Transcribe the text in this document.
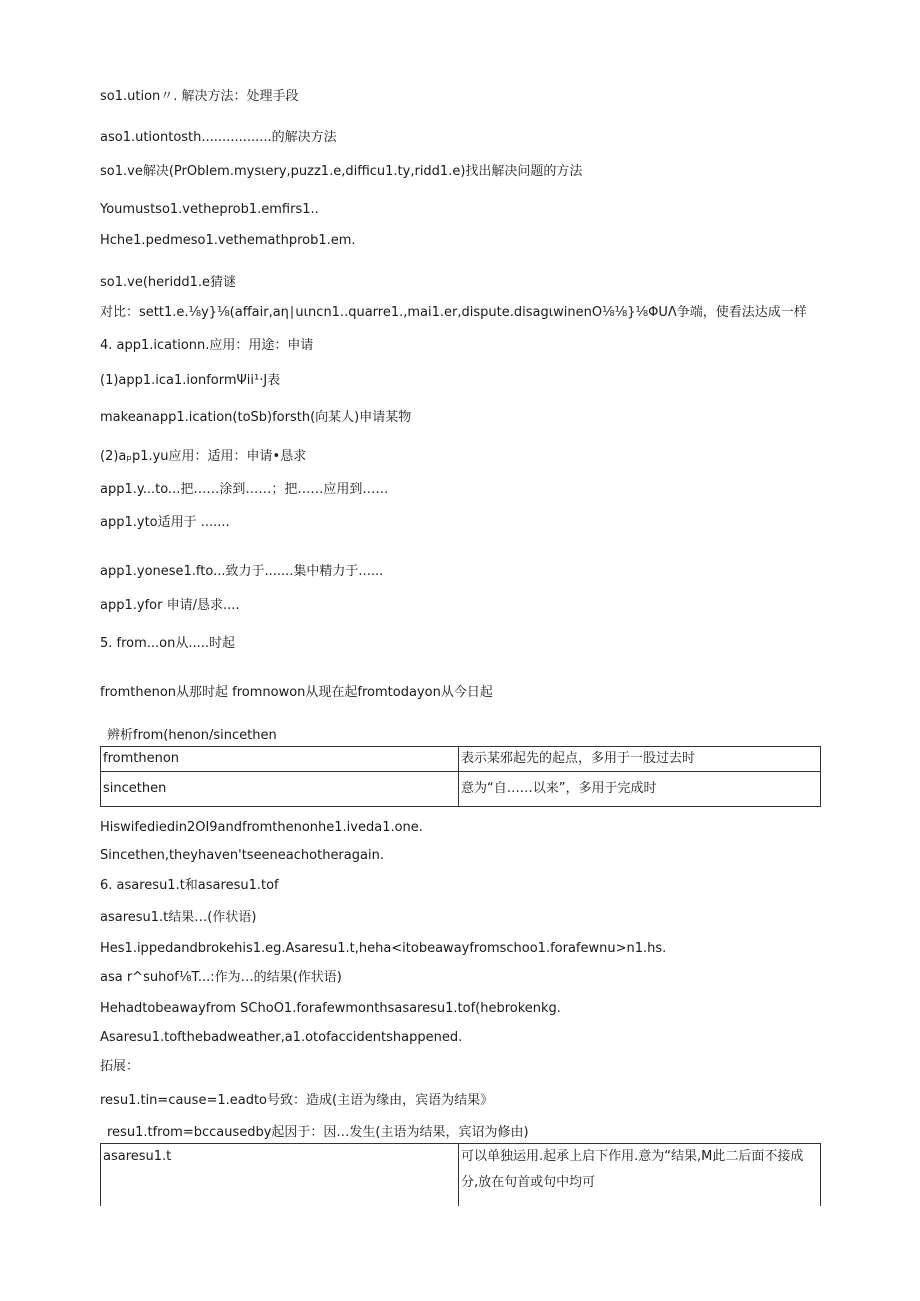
so1.ution〃. 解决方法：处理手段
aso1.utiontosth.................的解决方法
so1.ve解决(PrObIem.mysιery,puzz1.e,difficu1.ty,ridd1.e)找出解决问题的方法
Youmustso1.vetheprob1.emfirs1..
Hche1.pedmeso1.vethemathprob1.em.
so1.ve(heridd1.e猜谜
对比：sett1.e.⅛y}⅛(affair,aη∣uιncn1..quarre1.,mai1.er,dispute.disagιwinenO⅛⅛}⅛ΦUΛ争端，使看法达成一样
4. app1.icationn.应用：用途：申请
(1)app1.ica1.ionformΨii¹·J表
makeanapp1.ication(toSb)forsth(向某人)申请某物
(2)aₚp1.yu应用：适用：申请•恳求
app1.y...to...把……涂到……；把……应用到……
app1.yto适用于 .......
app1.yonese1.fto...致力于.......集中精力于......
app1.yfor 申请/恳求....
5. from...on从.....时起
fromthenon从那时起 fromnowon从现在起fromtodayon从今日起
辨析from(henon/sincethen
fromthenon	表示某邪起先的起点，多用于一股过去时
sincethen	意为“自……以来”，多用于完成时
Hiswifediedin2OI9andfromthenonhe1.iveda1.one.
Sincethen,theyhaven'tseeneachotheragain.
6. asaresu1.t和asaresu1.tof
asaresu1.t结果…(作状语)
Hes1.ippedandbrokehis1.eg.Asaresu1.t,heha<itobeawayfromschoo1.forafewnu>n1.hs.
asa r^suhof⅛T...:作为…的结果(作状语)
Hehadtobeawayfrom SChoO1.forafewmonthsasaresu1.tof(hebrokenkg.
Asaresu1.tofthebadweather,a1.otofaccidentshappened.
拓展：
resu1.tin=cause=1.eadto号致：造成(主语为缘由，宾语为结果》
resu1.tfrom=bccausedby起因于：因…发生(主语为结果，宾诏为修由)
asaresu1.t	可以单独运用.起承上启下作用.意为“结果,M此二后面不接成分,放在句首或句中均可
